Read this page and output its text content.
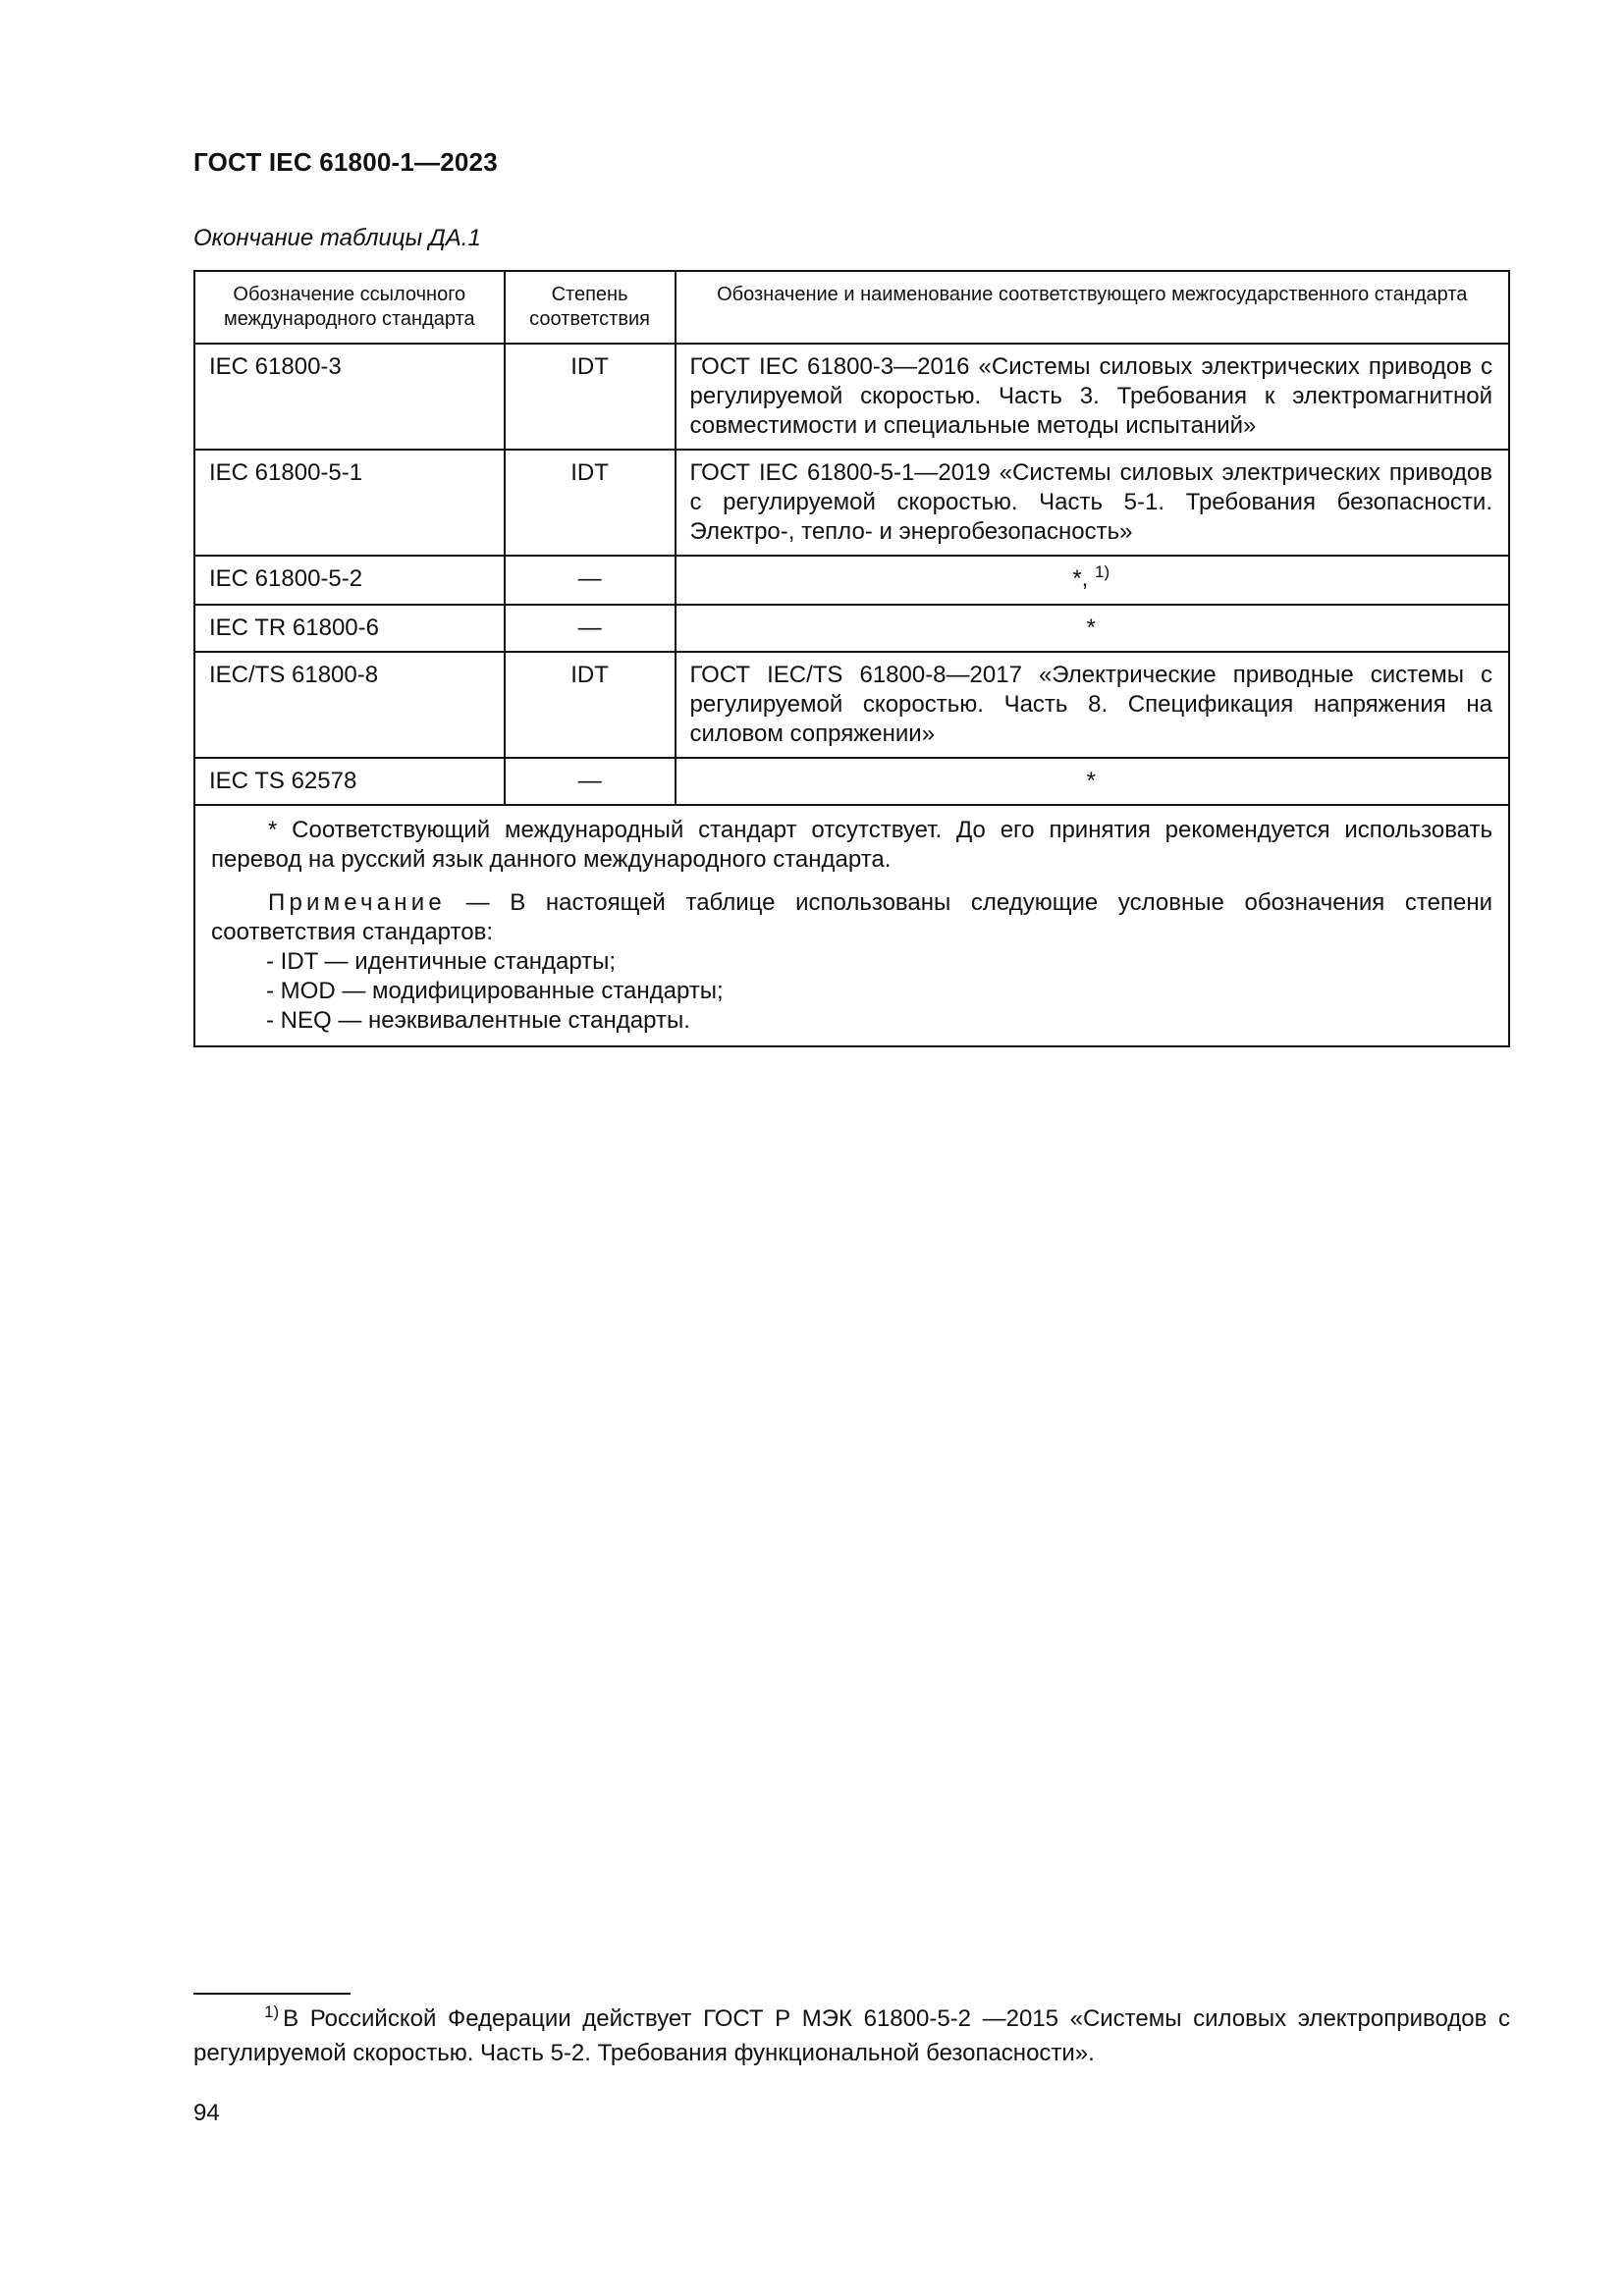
ГОСТ IEC 61800-1—2023
Окончание таблицы ДА.1
Обозначение ссылочного международного стандарта	Степень соответствия	Обозначение и наименование соответствующего межгосударственного стандарта
IEC 61800-3	IDT	ГОСТ IEC 61800-3—2016 «Системы силовых электрических приводов с регулируемой скоростью. Часть 3. Требования к электромагнитной совместимости и специальные методы испытаний»
IEC 61800-5-1	IDT	ГОСТ IEC 61800-5-1—2019 «Системы силовых электрических приводов с регулируемой скоростью. Часть 5-1. Требования безопасности. Электро-, тепло- и энергобезопасность»
IEC 61800-5-2	—	*, $^{1)}$
IEC TR 61800-6	—	*
IEC/TS 61800-8	IDT	ГОСТ IEC/TS 61800-8—2017 «Электрические приводные системы с регулируемой скоростью. Часть 8. Спецификация напряжения на силовом сопряжении»
IEC TS 62578	—	*

* Соответствующий международный стандарт отсутствует. До его принятия рекомендуется использовать перевод на русский язык данного международного стандарта.

Примечание — В настоящей таблице использованы следующие условные обозначения степени соответствия стандартов:

- IDT — идентичные стандарты;

- MOD — модифицированные стандарты;

- NEQ — неэквивалентные стандарты.		

$^{1)}$ В Российской Федерации действует ГОСТ Р МЭК 61800-5-2 —2015 «Системы силовых электроприводов с регулируемой скоростью. Часть 5-2. Требования функциональной безопасности».
94
